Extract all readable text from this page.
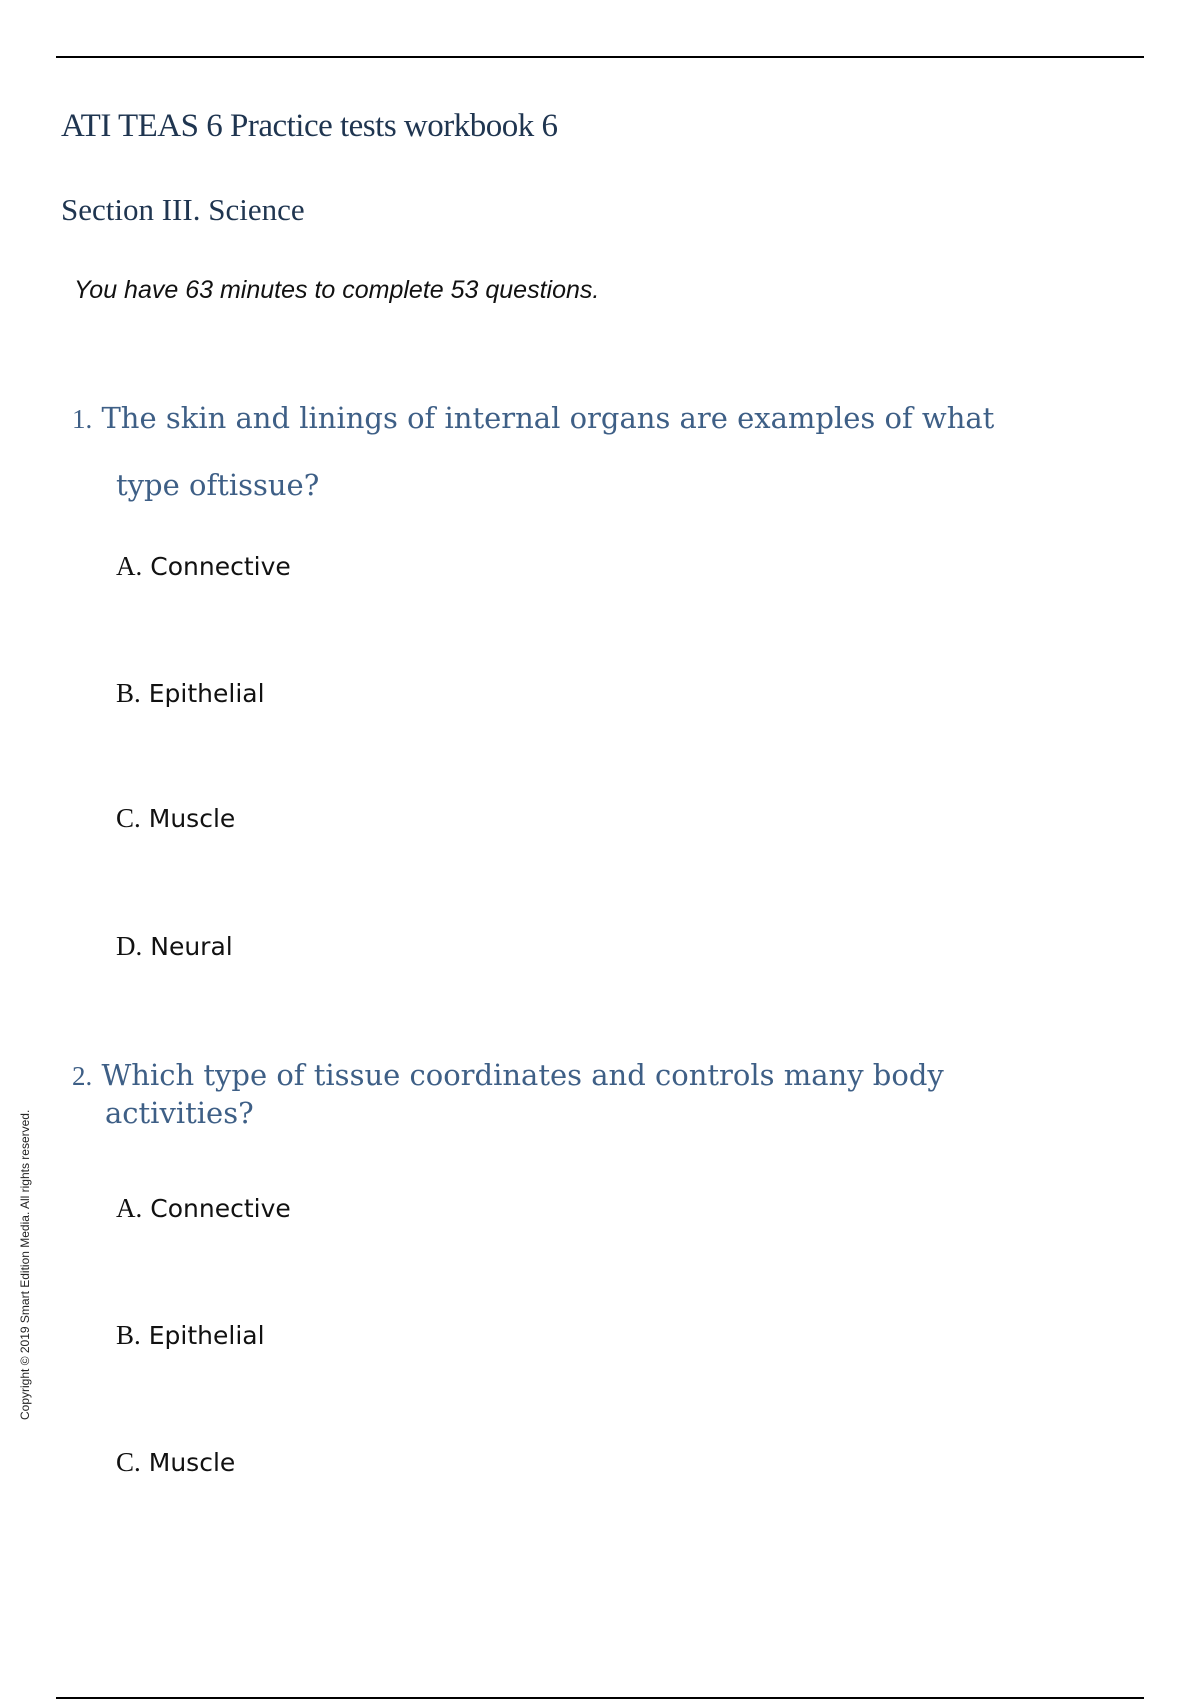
ATI TEAS 6 Practice tests workbook 6
Section III. Science
You have 63 minutes to complete 53 questions.
1. The skin and linings of internal organs are examples of what
type oftissue?
A. Connective
B. Epithelial
C. Muscle
D. Neural
2. Which type of tissue coordinates and controls many body
activities?
A. Connective
B. Epithelial
C. Muscle
Copyright © 2019 Smart Edition Media. All rights reserved.
